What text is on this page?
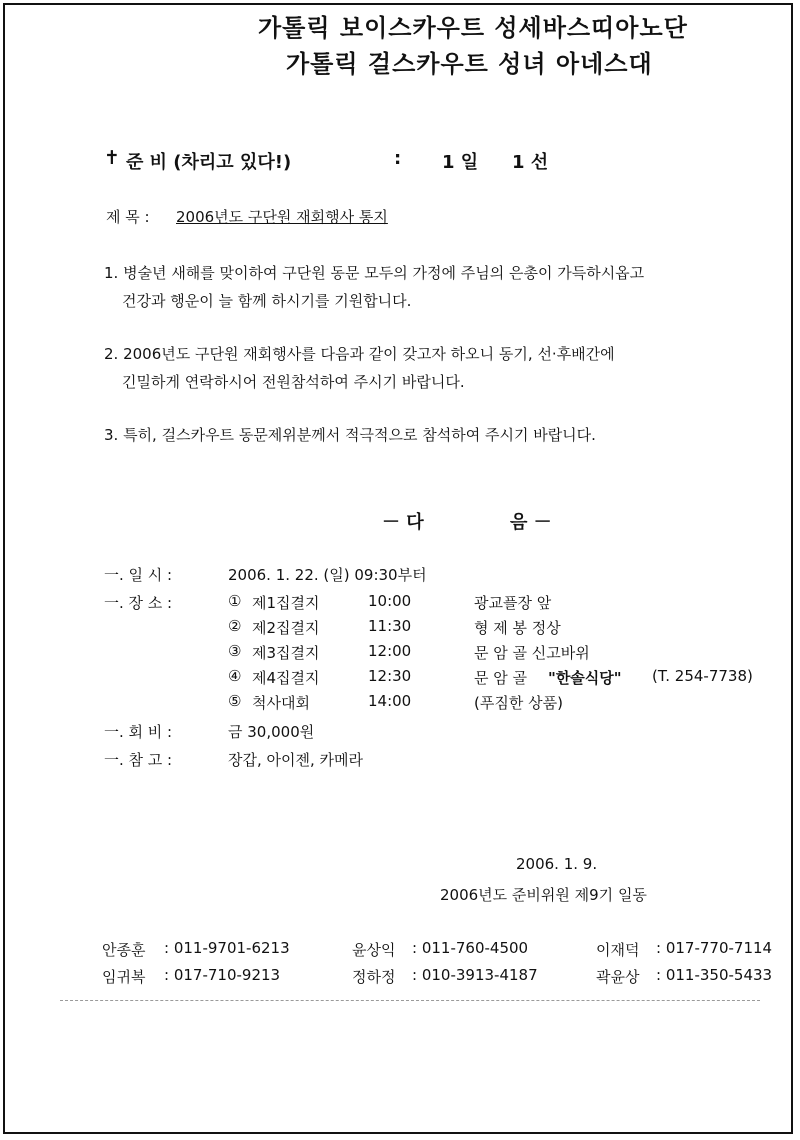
가톨릭 보이스카우트 성세바스띠아노단
가톨릭 걸스카우트 성녀 아네스대
✝ 준 비 (차리고 있다!)	: 1 일 1 선
제 목 : 2006년도 구단원 재회행사 통지
1. 병술년 새해를 맞이하여 구단원 동문 모두의 가정에 주님의 은총이 가득하시옵고
건강과 행운이 늘 함께 하시기를 기원합니다.
2. 2006년도 구단원 재회행사를 다음과 같이 갖고자 하오니 동기, 선·후배간에
긴밀하게 연락하시어 전원참석하여 주시기 바랍니다.
3. 특히, 걸스카우트 동문제위분께서 적극적으로 참석하여 주시기 바랍니다.
－ 다	음 －
一. 일 시 :	2006. 1. 22. (일) 09:30부터
一. 장 소 :	① 제1집결지	10:00	광교플장 앞
② 제2집결지	11:30	형 제 봉 정상
③ 제3집결지	12:00	문 암 골 신고바위
④ 제4집결지	12:30	문 암 골 "한솔식당" (T. 254-7738)
⑤ 척사대회	14:00	(푸짐한 상품)
一. 회 비 :	금 30,000원
一. 참 고 :	장갑, 아이젠, 카메라
2006. 1. 9.
2006년도 준비위원 제9기 일동
안종훈 : 011-9701-6213	윤상익 : 011-760-4500	이재덕 : 017-770-7114
임귀복 : 017-710-9213	정하정 : 010-3913-4187	곽윤상 : 011-350-5433
